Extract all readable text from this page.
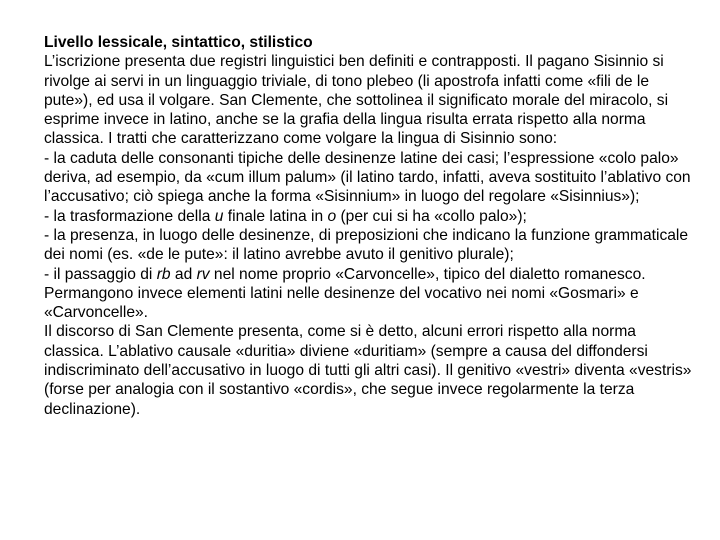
Livello lessicale, sintattico, stilistico

L’iscrizione presenta due registri linguistici ben definiti e contrapposti. Il pagano Sisinnio si rivolge ai servi in un linguaggio triviale, di tono plebeo (li apostrofa infatti come «fili de le pute»), ed usa il volgare. San Clemente, che sottolinea il significato morale del miracolo, si esprime invece in latino, anche se la grafia della lingua risulta errata rispetto alla norma classica. I tratti che caratterizzano come volgare la lingua di Sisinnio sono:

- la caduta delle consonanti tipiche delle desinenze latine dei casi; l’espressione «colo palo» deriva, ad esempio, da «cum illum palum» (il latino tardo, infatti, aveva sostituito l’ablativo con l’accusativo; ciò spiega anche la forma «Sisinnium» in luogo del regolare «Sisinnius»);

- la trasformazione della u finale latina in o (per cui si ha «collo palo»);

- la presenza, in luogo delle desinenze, di preposizioni che indicano la funzione grammaticale dei nomi (es. «de le pute»: il latino avrebbe avuto il genitivo plurale);

- il passaggio di rb ad rv nel nome proprio «Carvoncelle», tipico del dialetto romanesco. Permangono invece elementi latini nelle desinenze del vocativo nei nomi «Gosmari» e «Carvoncelle».

Il discorso di San Clemente presenta, come si è detto, alcuni errori rispetto alla norma classica. L’ablativo causale «duritia» diviene «duritiam» (sempre a causa del diffondersi indiscriminato dell’accusativo in luogo di tutti gli altri casi). Il genitivo «vestri» diventa «vestris» (forse per analogia con il sostantivo «cordis», che segue invece regolarmente la terza declinazione).
